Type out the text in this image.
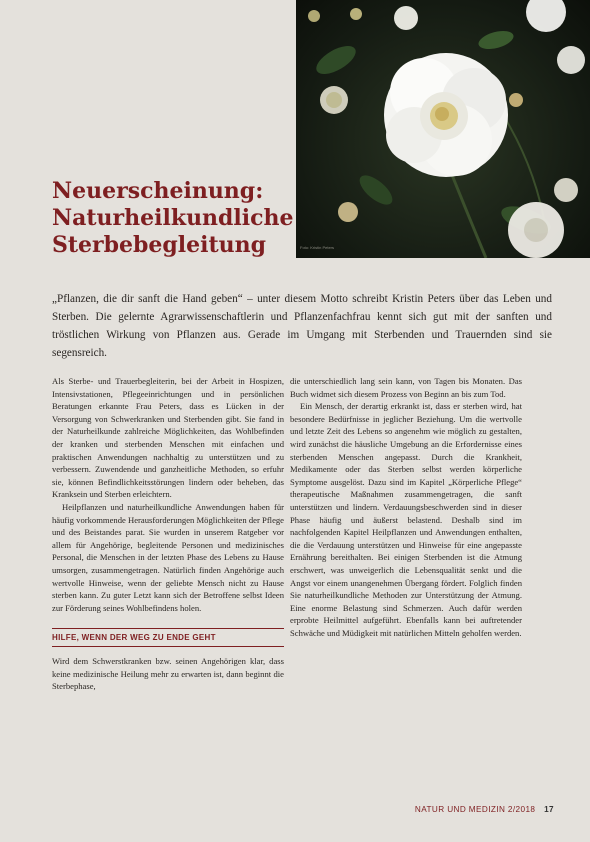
Foto: Kristin Peters
Neuerscheinung:
Naturheilkundliche
Sterbebegleitung

„Pflanzen, die dir sanft die Hand geben“ – unter diesem Motto schreibt Kristin Peters über das Leben und Sterben. Die gelernte Agrarwissenschaftlerin und Pflanzenfachfrau kennt sich gut mit der sanften und tröstlichen Wirkung von Pflanzen aus. Gerade im Umgang mit Sterbenden und Trauernden sind sie segensreich.

Als Sterbe- und Trauerbegleiterin, bei der Arbeit in Hospizen, Intensivstationen, Pflegeeinrichtungen und in persönlichen Beratungen erkannte Frau Peters, dass es Lücken in der Versorgung von Schwerkranken und Sterbenden gibt. Sie fand in der Naturheilkunde zahlreiche Möglichkeiten, das Wohlbefinden der kranken und sterbenden Menschen mit einfachen und praktischen Anwendungen nachhaltig zu unterstützen und zu verbessern. Zuwendende und ganzheitliche Methoden, so erfuhr sie, können Befindlichkeitsstörungen lindern oder beheben, das Kranksein und Sterben erleichtern.

Heilpflanzen und naturheilkundliche Anwendungen haben für häufig vorkommende Herausforderungen Möglichkeiten der Pflege und des Beistandes parat. Sie wurden in unserem Ratgeber vor allem für Angehörige, begleitende Personen und medizinisches Personal, die Menschen in der letzten Phase des Lebens zu Hause umsorgen, zusammengetragen. Natürlich finden Angehörige auch wertvolle Hinweise, wenn der geliebte Mensch nicht zu Hause sterben kann. Zu guter Letzt kann sich der Betroffene selbst Ideen zur Förderung seines Wohlbefindens holen.

HILFE, WENN DER WEG ZU ENDE GEHT

Wird dem Schwerstkranken bzw. seinen Angehörigen klar, dass keine medizinische Heilung mehr zu erwarten ist, dann beginnt die Sterbephase,

die unterschiedlich lang sein kann, von Tagen bis Monaten. Das Buch widmet sich diesem Prozess von Beginn an bis zum Tod.

Ein Mensch, der derartig erkrankt ist, dass er sterben wird, hat besondere Bedürfnisse in jeglicher Beziehung. Um die wertvolle und letzte Zeit des Lebens so angenehm wie möglich zu gestalten, wird zunächst die häusliche Umgebung an die Erfordernisse eines sterbenden Menschen angepasst. Durch die Krankheit, Medikamente oder das Sterben selbst werden körperliche Symptome ausgelöst. Dazu sind im Kapitel „Körperliche Pflege“ therapeutische Maßnahmen zusammengetragen, die sanft unterstützen und lindern. Verdauungsbeschwerden sind in dieser Phase häufig und äußerst belastend. Deshalb sind im nachfolgenden Kapitel Heilpflanzen und Anwendungen enthalten, die die Verdauung unterstützen und Hinweise für eine angepasste Ernährung bereithalten. Bei einigen Sterbenden ist die Atmung erschwert, was unweigerlich die Lebensqualität senkt und die Angst vor einem unangenehmen Übergang fördert. Folglich finden Sie naturheilkundliche Methoden zur Unterstützung der Atmung. Eine enorme Belastung sind Schmerzen. Auch dafür werden erprobte Heilmittel aufgeführt. Ebenfalls kann bei auftretender Schwäche und Müdigkeit mit natürlichen Mitteln geholfen werden.

NATUR UND MEDIZIN 2/2018 17
